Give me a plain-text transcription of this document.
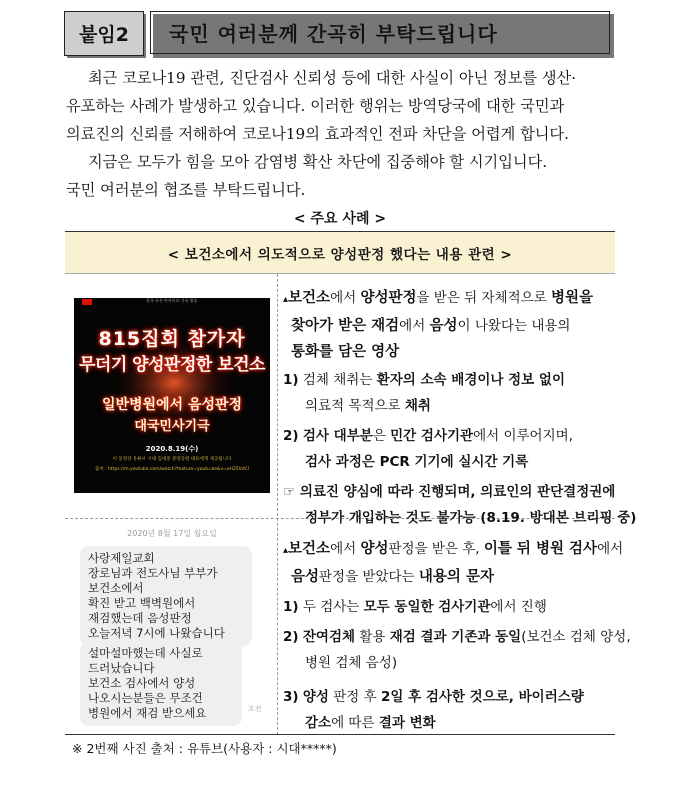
붙임2	국민 여러분께 간곡히 부탁드립니다

최근 코로나19 관련, 진단검사 신뢰성 등에 대한 사실이 아닌 정보를 생산·

유포하는 사례가 발생하고 있습니다. 이러한 행위는 방역당국에 대한 국민과

의료진의 신뢰를 저해하여 코로나19의 효과적인 전파 차단을 어렵게 합니다.

지금은 모두가 힘을 모아 감염병 확산 차단에 집중해야 할 시기입니다.

국민 여러분의 협조를 부탁드립니다.

< 주요 사례 >
< 보건소에서 의도적으로 양성판정 했다는 내용 관련 >
▴보건소에서 양성판정을 받은 뒤 자체적으로 병원을
찾아가 받은 재검에서 음성이 나왔다는 내용의
통화를 담은 영상
1) 검체 채취는 환자의 소속 배경이나 정보 없이
의료적 목적으로 채취
2) 검사 대부분은 민간 검사기관에서 이루어지며,
검사 과정은 PCR 기기에 실시간 기록
☞ 의료진 양심에 따라 진행되며, 의료인의 판단결정권에
정부가 개입하는 것도 불가능 (8.19. 방대본 브리핑 중)
한국 사진 아카이브 기록 방송
815집회 참가자
무더기 양성판정한 보건소
일반병원에서 음성판정
대국민사기극
2020.8.19(수)
이 동영상 유튜브 시대 김대중 중앙공원 대표에게 제공됩니다
출처 : https://m.youtube.com/watch?feature=youtu.be&v=xH25VdCl
▴보건소에서 양성판정을 받은 후, 이틀 뒤 병원 검사에서
음성판정을 받았다는 내용의 문자
1) 두 검사는 모두 동일한 검사기관에서 진행
2) 잔여검체 활용 재검 결과 기존과 동일(보건소 검체 양성,
병원 검체 음성)
3) 양성 판정 후 2일 후 검사한 것으로, 바이러스량
감소에 따른 결과 변화
2020년 8월 17일 월요일
사랑제일교회
장로님과 전도사님 부부가
보건소에서
확진 받고 백벽원에서
재검했는데 음성판정
오늘저녁 7시에 나왔습니다
설마설마했는데 사실로
드러났습니다
보건소 검사에서 양성
나오시는분들은 무조건
병원에서 재검 받으세요	오전
※ 2번째 사진 출처 : 유튜브(사용자 : 시대*****)
